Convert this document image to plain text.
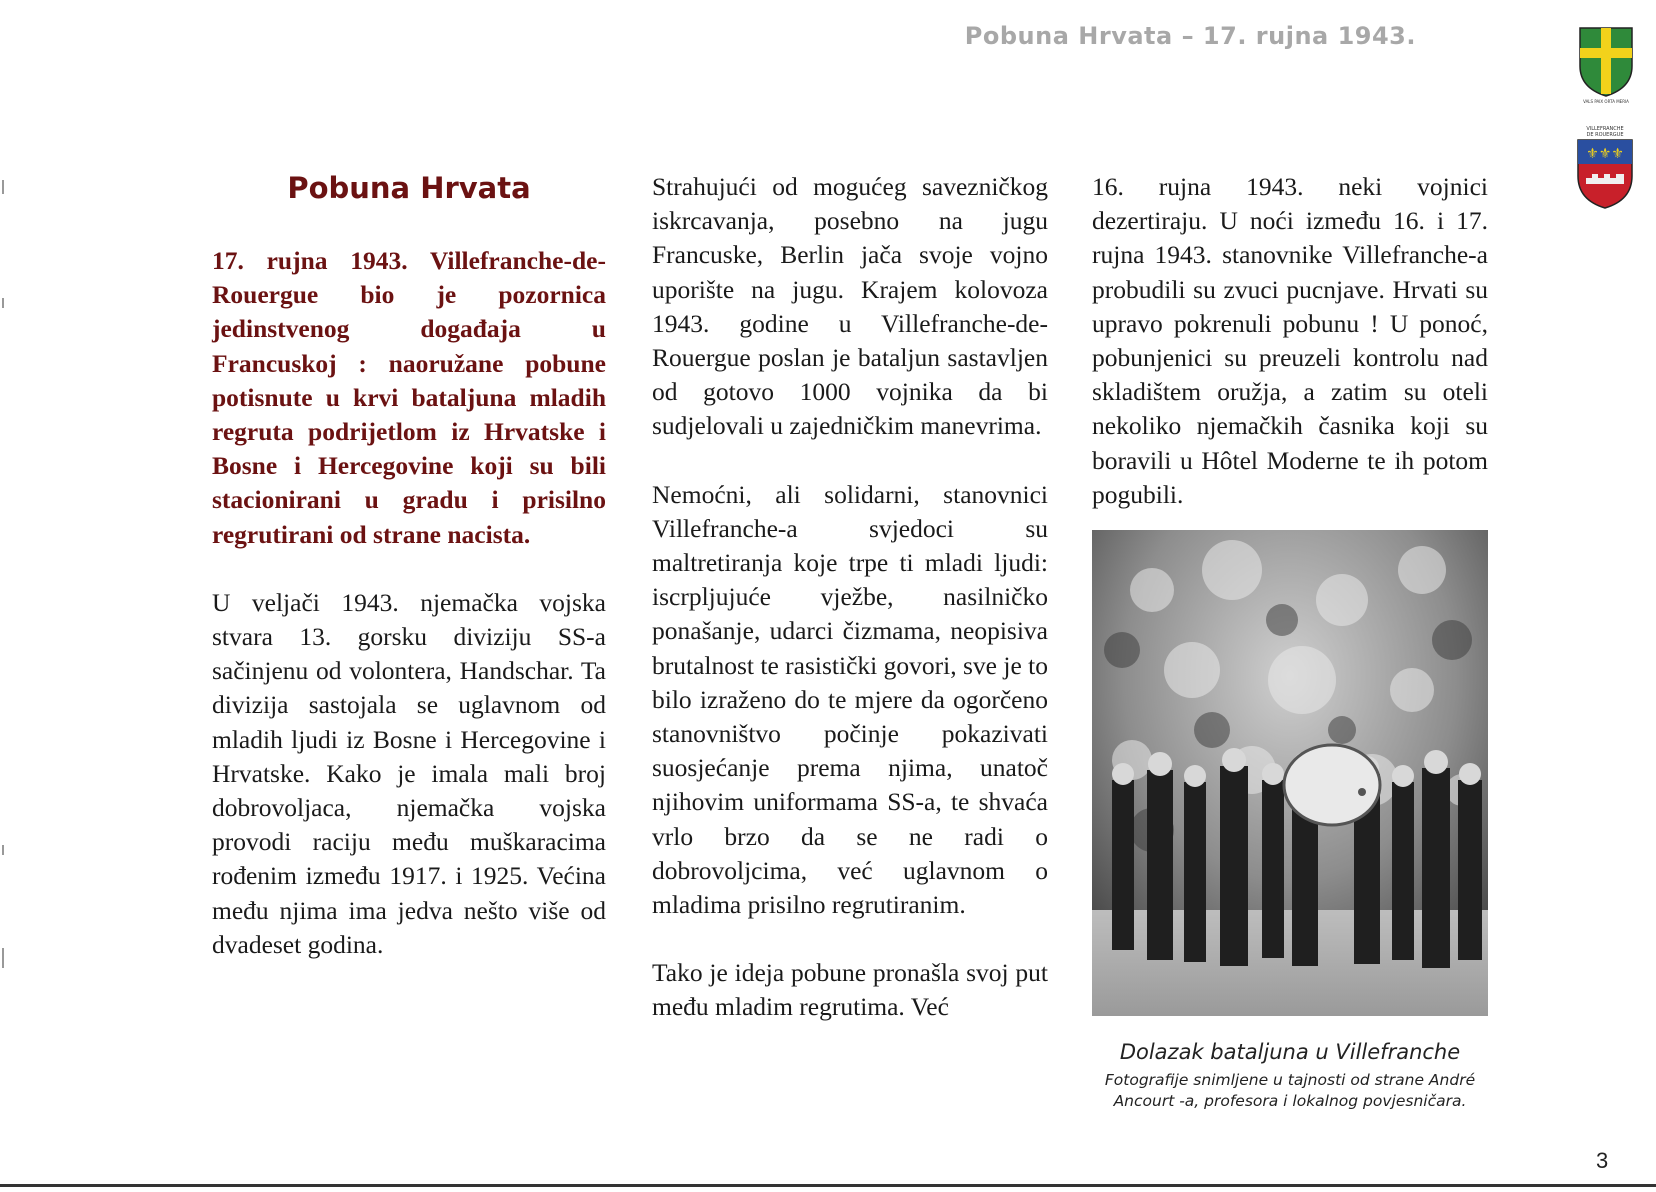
Pobuna Hrvata – 17. rujna 1943.
VALS PAIX ORTA MERIA
VILLEFRANCHE
DE ROUERGUE
⚜⚜⚜
Pobuna Hrvata

17. rujna 1943. Villefranche-de-Rouergue bio je pozornica jedinstvenog događaja u Francuskoj : naoružane pobune potisnute u krvi bataljuna mladih regruta podrijetlom iz Hrvatske i Bosne i Hercegovine koji su bili stacionirani u gradu i prisilno regrutirani od strane nacista.

U veljači 1943. njemačka vojska stvara 13. gorsku diviziju SS-a sačinjenu od volontera, Handschar. Ta divizija sastojala se uglavnom od mladih ljudi iz Bosne i Hercegovine i Hrvatske. Kako je imala mali broj dobrovoljaca, njemačka vojska provodi raciju među muškaracima rođenim između 1917. i 1925. Većina među njima ima jedva nešto više od dvadeset godina.

Strahujući od mogućeg savezničkog iskrcavanja, posebno na jugu Francuske, Berlin jača svoje vojno uporište na jugu. Krajem kolovoza 1943. godine u Villefranche-de-Rouergue poslan je bataljun sastavljen od gotovo 1000 vojnika da bi sudjelovali u zajedničkim manevrima.

Nemoćni, ali solidarni, stanovnici Villefranche-a svjedoci su maltretiranja koje trpe ti mladi ljudi: iscrpljujuće vježbe, nasilničko ponašanje, udarci čizmama, neopisiva brutalnost te rasistički govori, sve je to bilo izraženo do te mjere da ogorčeno stanovništvo počinje pokazivati suosjećanje prema njima, unatoč njihovim uniformama SS-a, te shvaća vrlo brzo da se ne radi o dobrovoljcima, već uglavnom o mladima prisilno regrutiranim.

Tako je ideja pobune pronašla svoj put među mladim regrutima. Već

16. rujna 1943. neki vojnici dezertiraju. U noći između 16. i 17. rujna 1943. stanovnike Villefranche-a probudili su zvuci pucnjave. Hrvati su upravo pokrenuli pobunu ! U ponoć, pobunjenici su preuzeli kontrolu nad skladištem oružja, a zatim su oteli nekoliko njemačkih časnika koji su boravili u Hôtel Moderne te ih potom pogubili.

Dolazak bataljuna u Villefranche
Fotografije snimljene u tajnosti od strane André Ancourt -a, profesora i lokalnog povjesničara.
3
